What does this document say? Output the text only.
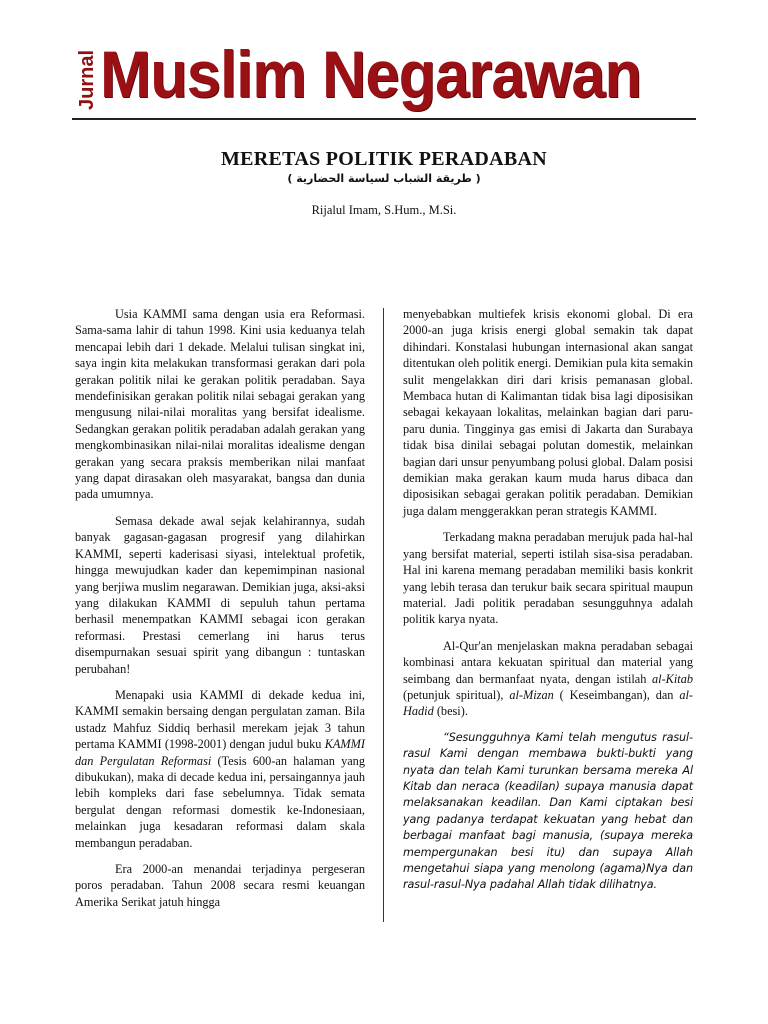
Jurnal Muslim Negarawan
MERETAS POLITIK PERADABAN
( طريقة الشباب لسياسة الحضارية )
Rijalul Imam, S.Hum., M.Si.

Usia KAMMI sama dengan usia era Reformasi. Sama-sama lahir di tahun 1998. Kini usia keduanya telah mencapai lebih dari 1 dekade. Melalui tulisan singkat ini, saya ingin kita melakukan transformasi gerakan dari pola gerakan politik nilai ke gerakan politik peradaban. Saya mendefinisikan gerakan politik nilai sebagai gerakan yang mengusung nilai-nilai moralitas yang bersifat idealisme. Sedangkan gerakan politik peradaban adalah gerakan yang mengkombinasikan nilai-nilai moralitas idealisme dengan gerakan yang secara praksis memberikan nilai manfaat yang dapat dirasakan oleh masyarakat, bangsa dan dunia pada umumnya.

Semasa dekade awal sejak kelahirannya, sudah banyak gagasan-gagasan progresif yang dilahirkan KAMMI, seperti kaderisasi siyasi, intelektual profetik, hingga mewujudkan kader dan kepemimpinan nasional yang berjiwa muslim negarawan. Demikian juga, aksi-aksi yang dilakukan KAMMI di sepuluh tahun pertama berhasil menempatkan KAMMI sebagai icon gerakan reformasi. Prestasi cemerlang ini harus terus disempurnakan sesuai spirit yang dibangun : tuntaskan perubahan!

Menapaki usia KAMMI di dekade kedua ini, KAMMI semakin bersaing dengan pergulatan zaman. Bila ustadz Mahfuz Siddiq berhasil merekam jejak 3 tahun pertama KAMMI (1998-2001) dengan judul buku KAMMI dan Pergulatan Reformasi (Tesis 600-an halaman yang dibukukan), maka di decade kedua ini, persaingannya jauh lebih kompleks dari fase sebelumnya. Tidak semata bergulat dengan reformasi domestik ke-Indonesiaan, melainkan juga kesadaran reformasi dalam skala membangun peradaban.

Era 2000-an menandai terjadinya pergeseran poros peradaban. Tahun 2008 secara resmi keuangan Amerika Serikat jatuh hingga

menyebabkan multiefek krisis ekonomi global. Di era 2000-an juga krisis energi global semakin tak dapat dihindari. Konstalasi hubungan internasional akan sangat ditentukan oleh politik energi. Demikian pula kita semakin sulit mengelakkan diri dari krisis pemanasan global. Membaca hutan di Kalimantan tidak bisa lagi diposisikan sebagai kekayaan lokalitas, melainkan bagian dari paru-paru dunia. Tingginya gas emisi di Jakarta dan Surabaya tidak bisa dinilai sebagai polutan domestik, melainkan bagian dari unsur penyumbang polusi global. Dalam posisi demikian maka gerakan kaum muda harus dibaca dan diposisikan sebagai gerakan politik peradaban. Demikian juga dalam menggerakkan peran strategis KAMMI.

Terkadang makna peradaban merujuk pada hal-hal yang bersifat material, seperti istilah sisa-sisa peradaban. Hal ini karena memang peradaban memiliki basis konkrit yang lebih terasa dan terukur baik secara spiritual maupun material. Jadi politik peradaban sesungguhnya adalah politik karya nyata.

Al-Qur'an menjelaskan makna peradaban sebagai kombinasi antara kekuatan spiritual dan material yang seimbang dan bermanfaat nyata, dengan istilah al-Kitab (petunjuk spiritual), al-Mizan ( Keseimbangan), dan al-Hadid (besi).

“Sesungguhnya Kami telah mengutus rasul-rasul Kami dengan membawa bukti-bukti yang nyata dan telah Kami turunkan bersama mereka Al Kitab dan neraca (keadilan) supaya manusia dapat melaksanakan keadilan. Dan Kami ciptakan besi yang padanya terdapat kekuatan yang hebat dan berbagai manfaat bagi manusia, (supaya mereka mempergunakan besi itu) dan supaya Allah mengetahui siapa yang menolong (agama)Nya dan rasul-rasul-Nya padahal Allah tidak dilihatnya.
